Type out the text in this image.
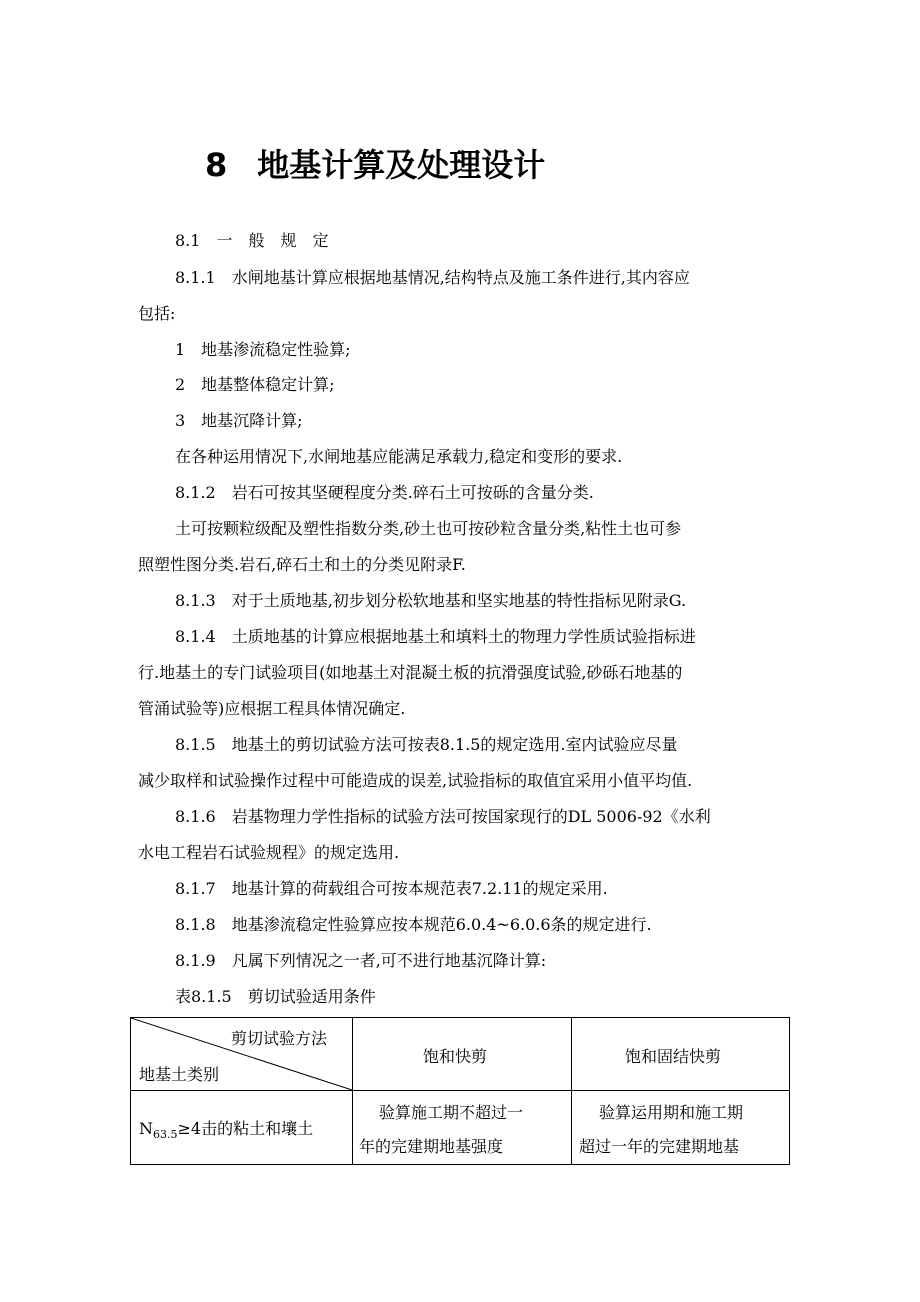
8 地基计算及处理设计
8.1　一　般　规　定
8.1.1　水闸地基计算应根据地基情况,结构特点及施工条件进行,其内容应
包括:
1　地基渗流稳定性验算;
2　地基整体稳定计算;
3　地基沉降计算;
在各种运用情况下,水闸地基应能满足承载力,稳定和变形的要求.
8.1.2　岩石可按其坚硬程度分类.碎石土可按砾的含量分类.
土可按颗粒级配及塑性指数分类,砂土也可按砂粒含量分类,粘性土也可参
照塑性图分类.岩石,碎石土和土的分类见附录F.
8.1.3　对于土质地基,初步划分松软地基和坚实地基的特性指标见附录G.
8.1.4　土质地基的计算应根据地基土和填料土的物理力学性质试验指标进
行.地基土的专门试验项目(如地基土对混凝土板的抗滑强度试验,砂砾石地基的
管涌试验等)应根据工程具体情况确定.
8.1.5　地基土的剪切试验方法可按表8.1.5的规定选用.室内试验应尽量
减少取样和试验操作过程中可能造成的误差,试验指标的取值宜采用小值平均值.
8.1.6　岩基物理力学性指标的试验方法可按国家现行的DL 5006-92《水利
水电工程岩石试验规程》的规定选用.
8.1.7　地基计算的荷载组合可按本规范表7.2.11的规定采用.
8.1.8　地基渗流稳定性验算应按本规范6.0.4~6.0.6条的规定进行.
8.1.9　凡属下列情况之一者,可不进行地基沉降计算:
表8.1.5　剪切试验适用条件
剪切试验方法
地基土类别
饱和快剪	饱和固结快剪
$N_{63.5}\ge 4$击的粘土和壤土
验算施工期不超过一
年的完建期地基强度
验算运用期和施工期
超过一年的完建期地基
